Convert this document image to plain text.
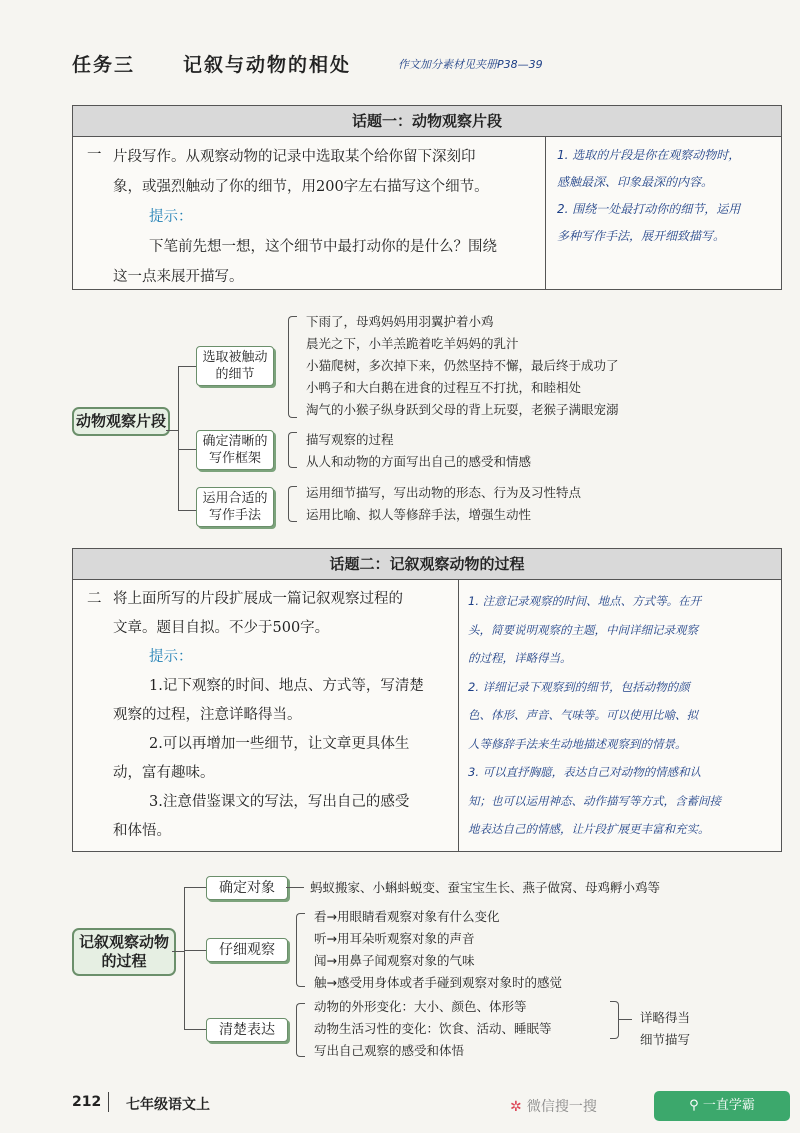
任务三	记叙与动物的相处	作文加分素材见夹册P38—39
话题一：动物观察片段
一 片段写作。从观察动物的记录中选取某个给你留下深刻印
象，或强烈触动了你的细节，用200字左右描写这个细节。
提示：
下笔前先想一想，这个细节中最打动你的是什么？围绕
这一点来展开描写。
1. 选取的片段是你在观察动物时，
感触最深、印象最深的内容。
2. 围绕一处最打动你的细节，运用
多种写作手法，展开细致描写。
动物观察片段
选取被触动的细节
确定清晰的写作框架
运用合适的写作手法
下雨了，母鸡妈妈用羽翼护着小鸡
晨光之下，小羊羔跪着吃羊妈妈的乳汁
小猫爬树，多次掉下来，仍然坚持不懈，最后终于成功了
小鸭子和大白鹅在进食的过程互不打扰，和睦相处
淘气的小猴子纵身跃到父母的背上玩耍，老猴子满眼宠溺
描写观察的过程
从人和动物的方面写出自己的感受和情感
运用细节描写，写出动物的形态、行为及习性特点
运用比喻、拟人等修辞手法，增强生动性
话题二：记叙观察动物的过程
二 将上面所写的片段扩展成一篇记叙观察过程的
文章。题目自拟。不少于500字。
提示：
1.记下观察的时间、地点、方式等，写清楚
观察的过程，注意详略得当。
2.可以再增加一些细节，让文章更具体生
动，富有趣味。
3.注意借鉴课文的写法，写出自己的感受
和体悟。
1. 注意记录观察的时间、地点、方式等。在开
头，简要说明观察的主题，中间详细记录观察
的过程，详略得当。
2. 详细记录下观察到的细节，包括动物的颜
色、体形、声音、气味等。可以使用比喻、拟
人等修辞手法来生动地描述观察到的情景。
3. 可以直抒胸臆，表达自己对动物的情感和认
知；也可以运用神态、动作描写等方式，含蓄间接
地表达自己的情感，让片段扩展更丰富和充实。
记叙观察动物的过程
确定对象
仔细观察
清楚表达
蚂蚁搬家、小蝌蚪蜕变、蚕宝宝生长、燕子做窝、母鸡孵小鸡等
看→用眼睛看观察对象有什么变化
听→用耳朵听观察对象的声音
闻→用鼻子闻观察对象的气味
触→感受用身体或者手碰到观察对象时的感觉
动物的外形变化：大小、颜色、体形等
动物生活习性的变化：饮食、活动、睡眠等
写出自己观察的感受和体悟
详略得当
细节描写
212 七年级语文上	✲ 微信搜一搜	⚲ 一直学霸
